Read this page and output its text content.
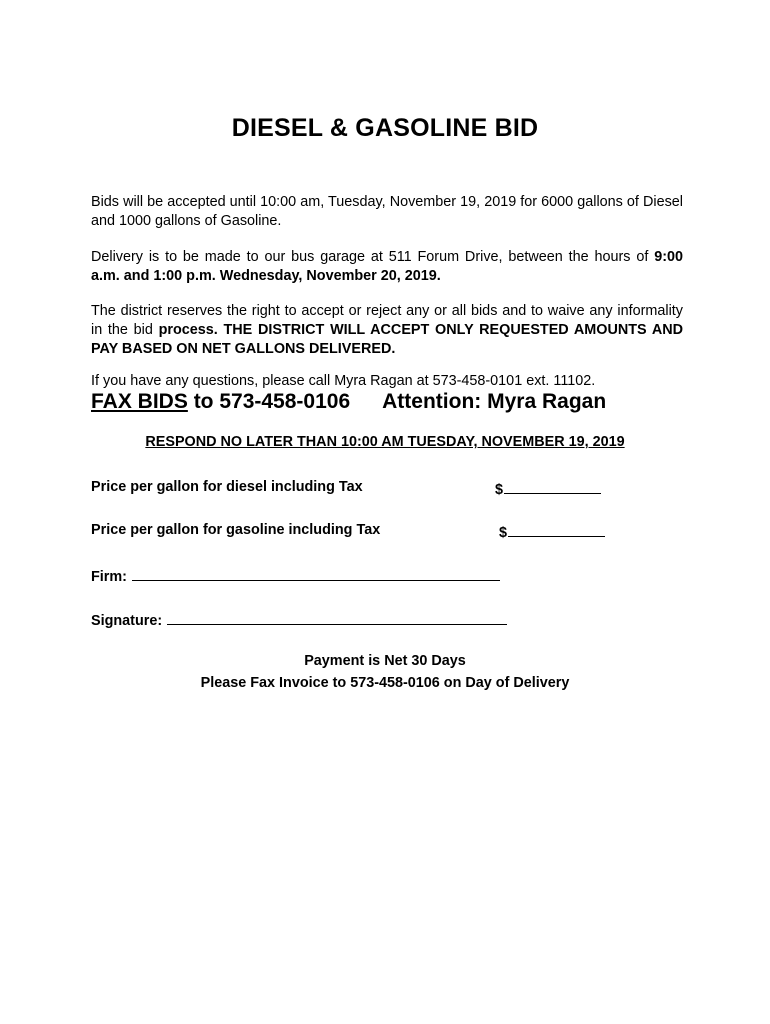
DIESEL & GASOLINE BID
Bids will be accepted until 10:00 am, Tuesday, November 19, 2019 for 6000 gallons of Diesel and 1000 gallons of Gasoline.
Delivery is to be made to our bus garage at 511 Forum Drive, between the hours of 9:00 a.m. and 1:00 p.m. Wednesday, November 20, 2019.
The district reserves the right to accept or reject any or all bids and to waive any informality in the bid process. THE DISTRICT WILL ACCEPT ONLY REQUESTED AMOUNTS AND PAY BASED ON NET GALLONS DELIVERED.
If you have any questions, please call Myra Ragan at 573-458-0101 ext. 11102.
FAX BIDS to 573-458-0106 Attention: Myra Ragan
RESPOND NO LATER THAN 10:00 AM TUESDAY, NOVEMBER 19, 2019
Price per gallon for diesel including Tax	$
Price per gallon for gasoline including Tax	$
Firm:
Signature:
Payment is Net 30 Days
Please Fax Invoice to 573-458-0106 on Day of Delivery
